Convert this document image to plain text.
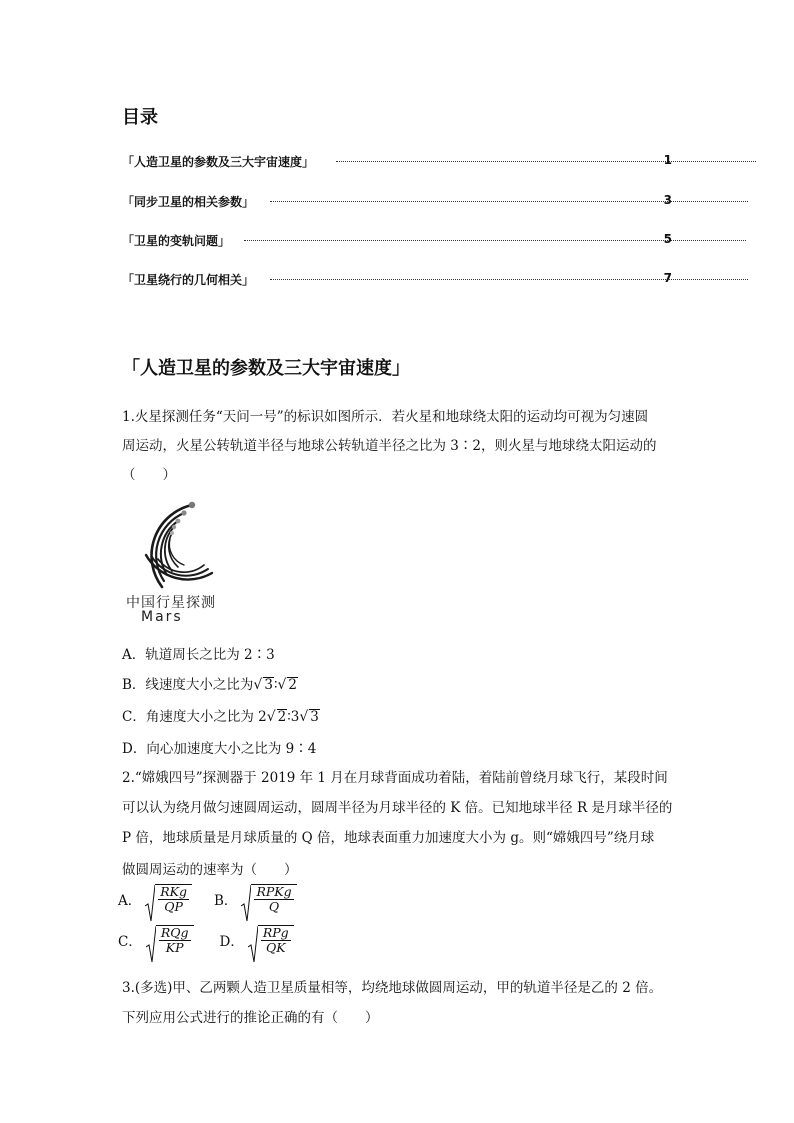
目录
「人造卫星的参数及三大宇宙速度」	1
「同步卫星的相关参数」	3
「卫星的变轨问题」	5
「卫星绕行的几何相关」	7
「人造卫星的参数及三大宇宙速度」
1.火星探测任务“天问一号”的标识如图所示．若火星和地球绕太阳的运动均可视为匀速圆
周运动，火星公转轨道半径与地球公转轨道半径之比为 3∶2，则火星与地球绕太阳运动的
（　　）
中国行星探测
Mars
A．轨道周长之比为 2∶3
B．线速度大小之比为√ 3∶√ 2
C．角速度大小之比为 2√ 2∶3√ 3
D．向心加速度大小之比为 9∶4
2.“嫦娥四号”探测器于 2019 年 1 月在月球背面成功着陆，着陆前曾绕月球飞行，某段时间
可以认为绕月做匀速圆周运动，圆周半径为月球半径的 K 倍。已知地球半径 R 是月球半径的
P 倍，地球质量是月球质量的 Q 倍，地球表面重力加速度大小为 g。则“嫦娥四号”绕月球
做圆周运动的速率为（　　）
A． $\frac{\text{RKg}}{QP}$ B． $\frac{\text{RPKg}}{Q}$
C． $\frac{\text{RQg}}{KP}$ D． $\frac{\text{RPg}}{QK}$
3.(多选)甲、乙两颗人造卫星质量相等，均绕地球做圆周运动，甲的轨道半径是乙的 2 倍。
下列应用公式进行的推论正确的有（　　）
